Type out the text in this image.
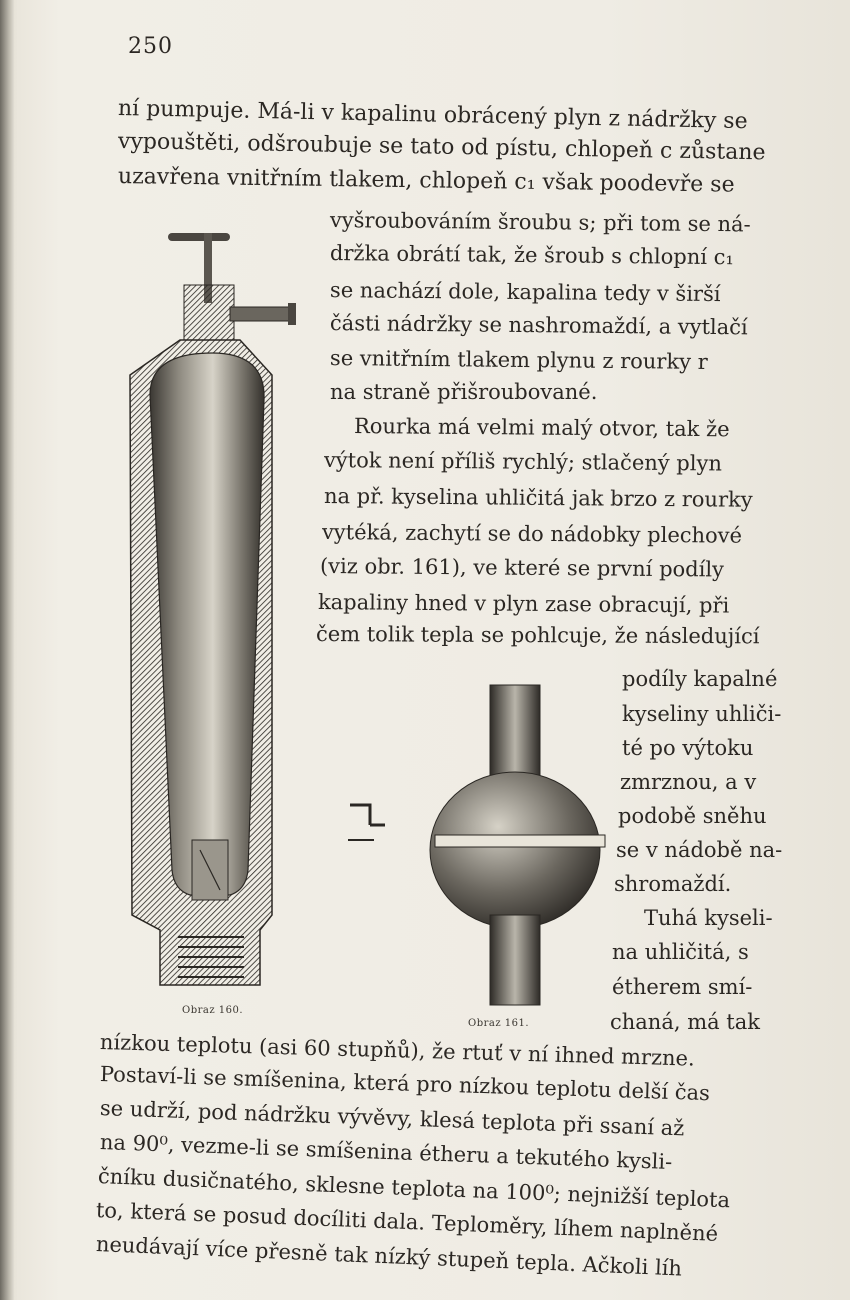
250

Obraz 160.

Obraz 161.

ní pumpuje. Má-li v kapalinu obrácený plyn z nádržky se

vypouštěti, odšroubuje se tato od pístu, chlopeň c zůstane

uzavřena vnitřním tlakem, chlopeň c₁ však poodevře se

vyšroubováním šroubu s; při tom se ná-

držka obrátí tak, že šroub s chlopní c₁

se nachází dole, kapalina tedy v širší

části nádržky se nashromaždí, a vytlačí

se vnitřním tlakem plynu z rourky r

na straně přišroubované.

Rourka má velmi malý otvor, tak že

výtok není příliš rychlý; stlačený plyn

na př. kyselina uhličitá jak brzo z rourky

vytéká, zachytí se do nádobky plechové

(viz obr. 161), ve které se první podíly

kapaliny hned v plyn zase obracují, při

čem tolik tepla se pohlcuje, že následující

podíly kapalné

kyseliny uhliči-

té po výtoku

zmrznou, a v

podobě sněhu

se v nádobě na-

shromaždí.

Tuhá kyseli-

na uhličitá, s

étherem smí-

chaná, má tak

nízkou teplotu (asi 60 stupňů), že rtuť v ní ihned mrzne.

Postaví-li se smíšenina, která pro nízkou teplotu delší čas

se udrží, pod nádržku vývěvy, klesá teplota při ssaní až

na 90⁰, vezme-li se smíšenina étheru a tekutého kysli-

čníku dusičnatého, sklesne teplota na 100⁰; nejnižší teplota

to, která se posud docíliti dala. Teploměry, líhem naplněné

neudávají více přesně tak nízký stupeň tepla. Ačkoli líh
